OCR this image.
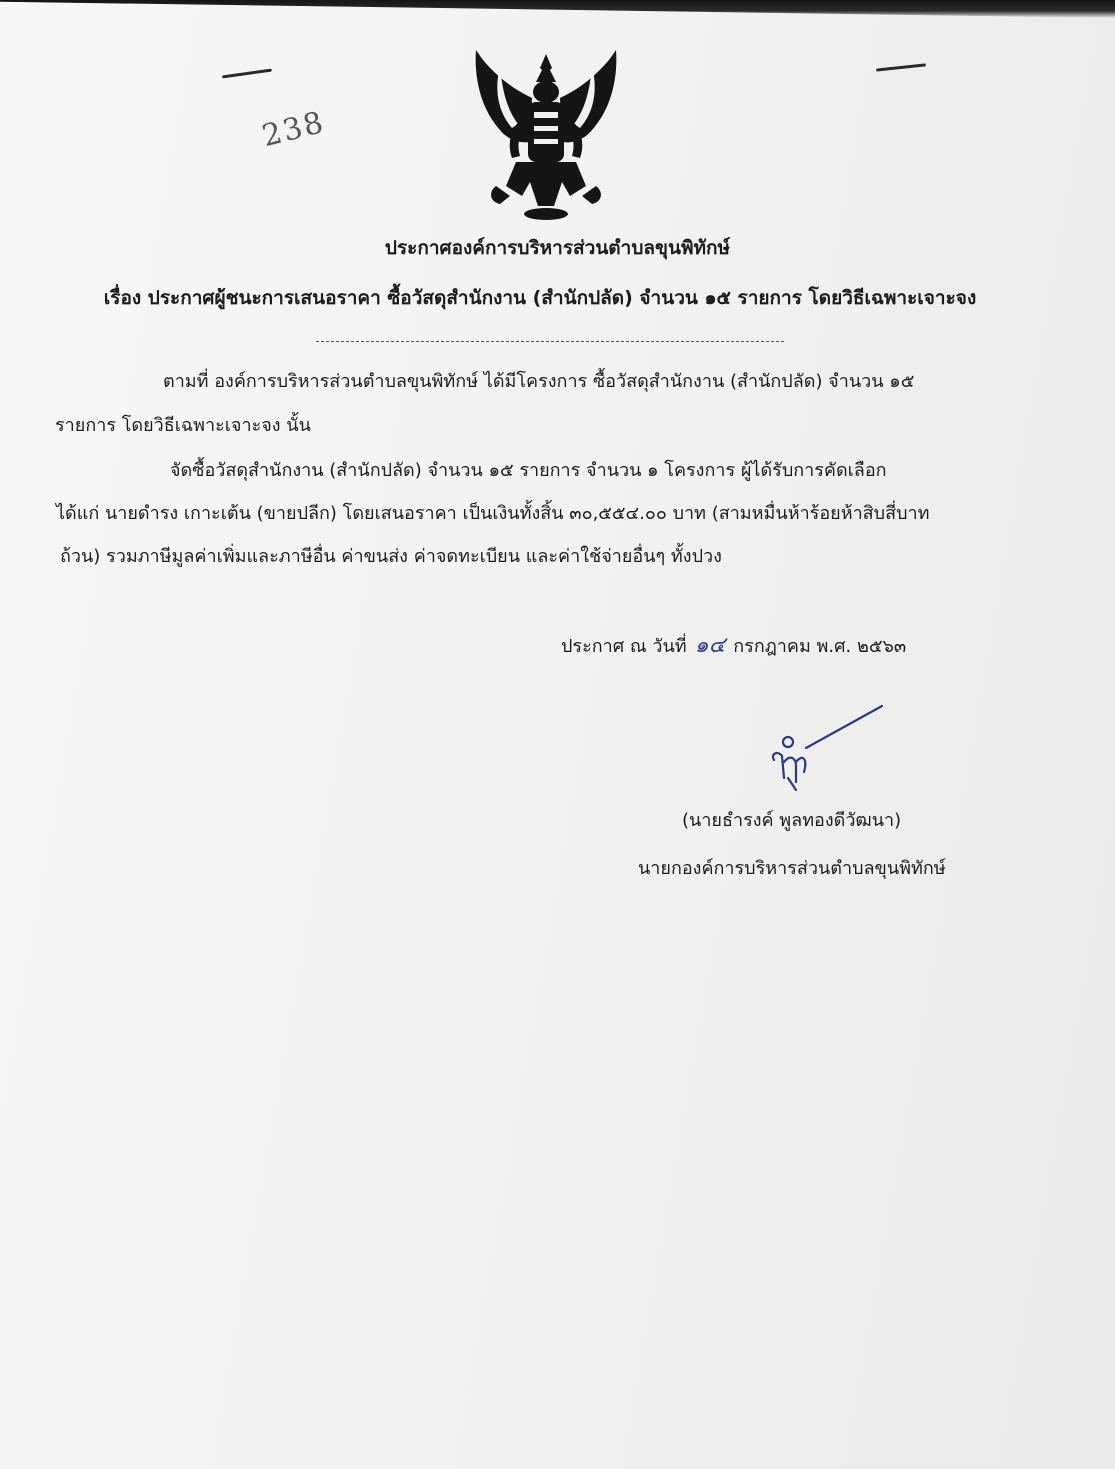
238
ประกาศองค์การบริหารส่วนตำบลขุนพิทักษ์
เรื่อง ประกาศผู้ชนะการเสนอราคา ซื้อวัสดุสำนักงาน (สำนักปลัด) จำนวน ๑๕ รายการ โดยวิธีเฉพาะเจาะจง

ตามที่ องค์การบริหารส่วนตำบลขุนพิทักษ์ ได้มีโครงการ ซื้อวัสดุสำนักงาน (สำนักปลัด) จำนวน ๑๕

รายการ โดยวิธีเฉพาะเจาะจง นั้น

จัดซื้อวัสดุสำนักงาน (สำนักปลัด) จำนวน ๑๕ รายการ จำนวน ๑ โครงการ ผู้ได้รับการคัดเลือก

ได้แก่ นายดำรง เกาะเต้น (ขายปลีก) โดยเสนอราคา เป็นเงินทั้งสิ้น ๓๐,๕๕๔.๐๐ บาท (สามหมื่นห้าร้อยห้าสิบสี่บาท

ถ้วน) รวมภาษีมูลค่าเพิ่มและภาษีอื่น ค่าขนส่ง ค่าจดทะเบียน และค่าใช้จ่ายอื่นๆ ทั้งปวง

ประกาศ ณ วันที่ ๑๔ กรกฎาคม พ.ศ. ๒๕๖๓
(นายธำรงค์ พูลทองดีวัฒนา)
นายกองค์การบริหารส่วนตำบลขุนพิทักษ์
